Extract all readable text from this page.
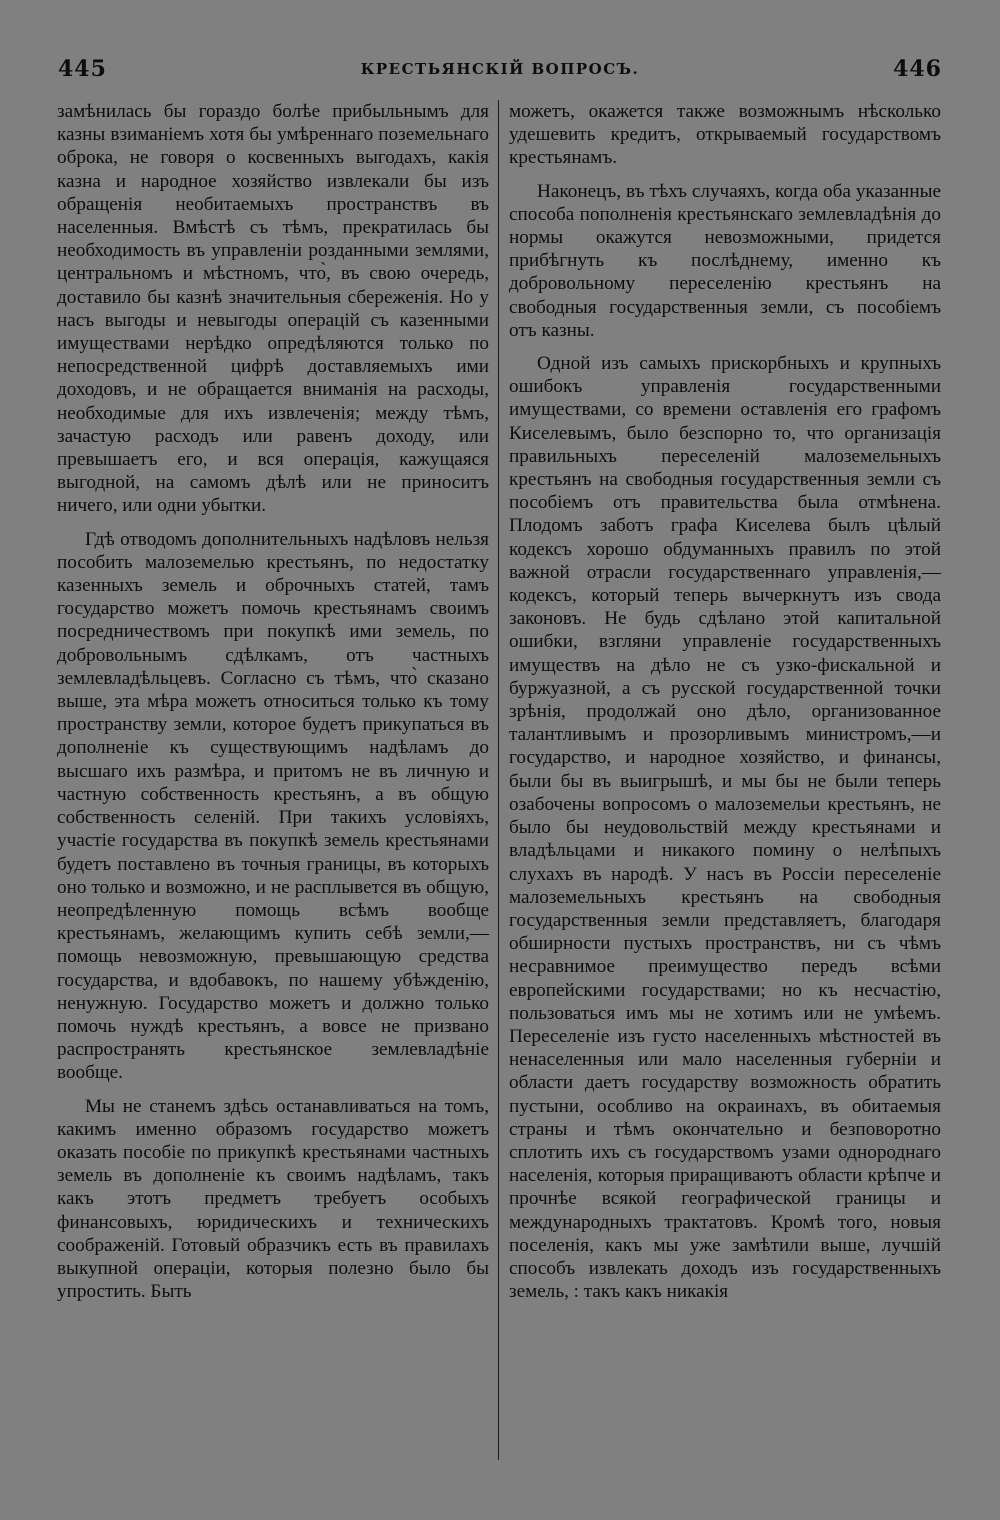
445	КРЕСТЬЯНСКІЙ ВОПРОСЪ.	446

замѣнилась бы гораздо болѣе прибыльнымъ для казны взиманіемъ хотя бы умѣреннаго поземельнаго оброка, не говоря о косвенныхъ выгодахъ, какія казна и народное хозяйство извлекали бы изъ обращенія необитаемыхъ пространствъ въ населенныя. Вмѣстѣ съ тѣмъ, прекратилась бы необходимость въ управленіи розданными землями, центральномъ и мѣстномъ, что̀, въ свою очередь, доставило бы казнѣ значительныя сбереженія. Но у насъ выгоды и невыгоды операцій съ казенными имуществами нерѣдко опредѣляются только по непосредственной цифрѣ доставляемыхъ ими доходовъ, и не обращается вниманія на расходы, необходимые для ихъ извлеченія; между тѣмъ, зачастую расходъ или равенъ доходу, или превышаетъ его, и вся операція, кажущаяся выгодной, на самомъ дѣлѣ или не приноситъ ничего, или одни убытки.

Гдѣ отводомъ дополнительныхъ надѣловъ нельзя пособить малоземелью крестьянъ, по недостатку казенныхъ земель и оброчныхъ статей, тамъ государство можетъ помочь крестьянамъ своимъ посредничествомъ при покупкѣ ими земель, по добровольнымъ сдѣлкамъ, отъ частныхъ землевладѣльцевъ. Согласно съ тѣмъ, что̀ сказано выше, эта мѣра можетъ относиться только къ тому пространству земли, которое будетъ прикупаться въ дополненіе къ существующимъ надѣламъ до высшаго ихъ размѣра, и притомъ не въ личную и частную собственность крестьянъ, а въ общую собственность селеній. При такихъ условіяхъ, участіе государства въ покупкѣ земель крестьянами будетъ поставлено въ точныя границы, въ которыхъ оно только и возможно, и не расплывется въ общую, неопредѣленную помощь всѣмъ вообще крестьянамъ, желающимъ купить себѣ земли,— помощь невозможную, превышающую средства государства, и вдобавокъ, по нашему убѣжденію, ненужную. Государство можетъ и должно только помочь нуждѣ крестьянъ, а вовсе не призвано распространять крестьянское землевладѣніе вообще.

Мы не станемъ здѣсь останавливаться на томъ, какимъ именно образомъ государство можетъ оказать пособіе по прикупкѣ крестьянами частныхъ земель въ дополненіе къ своимъ надѣламъ, такъ какъ этотъ предметъ требуетъ особыхъ финансовыхъ, юридическихъ и техническихъ соображеній. Готовый образчикъ есть въ правилахъ выкупной операціи, которыя полезно было бы упростить. Быть

можетъ, окажется также возможнымъ нѣсколько удешевить кредитъ, открываемый государствомъ крестьянамъ.

Наконецъ, въ тѣхъ случаяхъ, когда оба указанные способа пополненія крестьянскаго землевладѣнія до нормы окажутся невозможными, придется прибѣгнуть къ послѣднему, именно къ добровольному переселенію крестьянъ на свободныя государственныя земли, съ пособіемъ отъ казны.

Одной изъ самыхъ прискорбныхъ и крупныхъ ошибокъ управленія государственными имуществами, со времени оставленія его графомъ Киселевымъ, было безспорно то, что организація правильныхъ переселеній малоземельныхъ крестьянъ на свободныя государственныя земли съ пособіемъ отъ правительства была отмѣнена. Плодомъ заботъ графа Киселева былъ цѣлый кодексъ хорошо обдуманныхъ правилъ по этой важной отрасли государственнаго управленія,—кодексъ, который теперь вычеркнутъ изъ свода законовъ. Не будь сдѣлано этой капитальной ошибки, взгляни управленіе государственныхъ имуществъ на дѣло не съ узко-фискальной и буржуазной, а съ русской государственной точки зрѣнія, продолжай оно дѣло, организованное талантливымъ и прозорливымъ министромъ,—и государство, и народное хозяйство, и финансы, были бы въ выигрышѣ, и мы бы не были теперь озабочены вопросомъ о малоземельи крестьянъ, не было бы неудовольствій между крестьянами и владѣльцами и никакого помину о нелѣпыхъ слухахъ въ народѣ. У насъ въ Россіи переселеніе малоземельныхъ крестьянъ на свободныя государственныя земли представляетъ, благодаря обширности пустыхъ пространствъ, ни съ чѣмъ несравнимое преимущество передъ всѣми европейскими государствами; но къ несчастію, пользоваться имъ мы не хотимъ или не умѣемъ. Переселеніе изъ густо населенныхъ мѣстностей въ ненаселенныя или мало населенныя губерніи и области даетъ государству возможность обратить пустыни, особливо на окраинахъ, въ обитаемыя страны и тѣмъ окончательно и безповоротно сплотить ихъ съ государствомъ узами однороднаго населенія, которыя приращиваютъ области крѣпче и прочнѣе всякой географической границы и международныхъ трактатовъ. Кромѣ того, новыя поселенія, какъ мы уже замѣтили выше, лучшій способъ извлекать доходъ изъ государственныхъ земель, : такъ какъ никакія
